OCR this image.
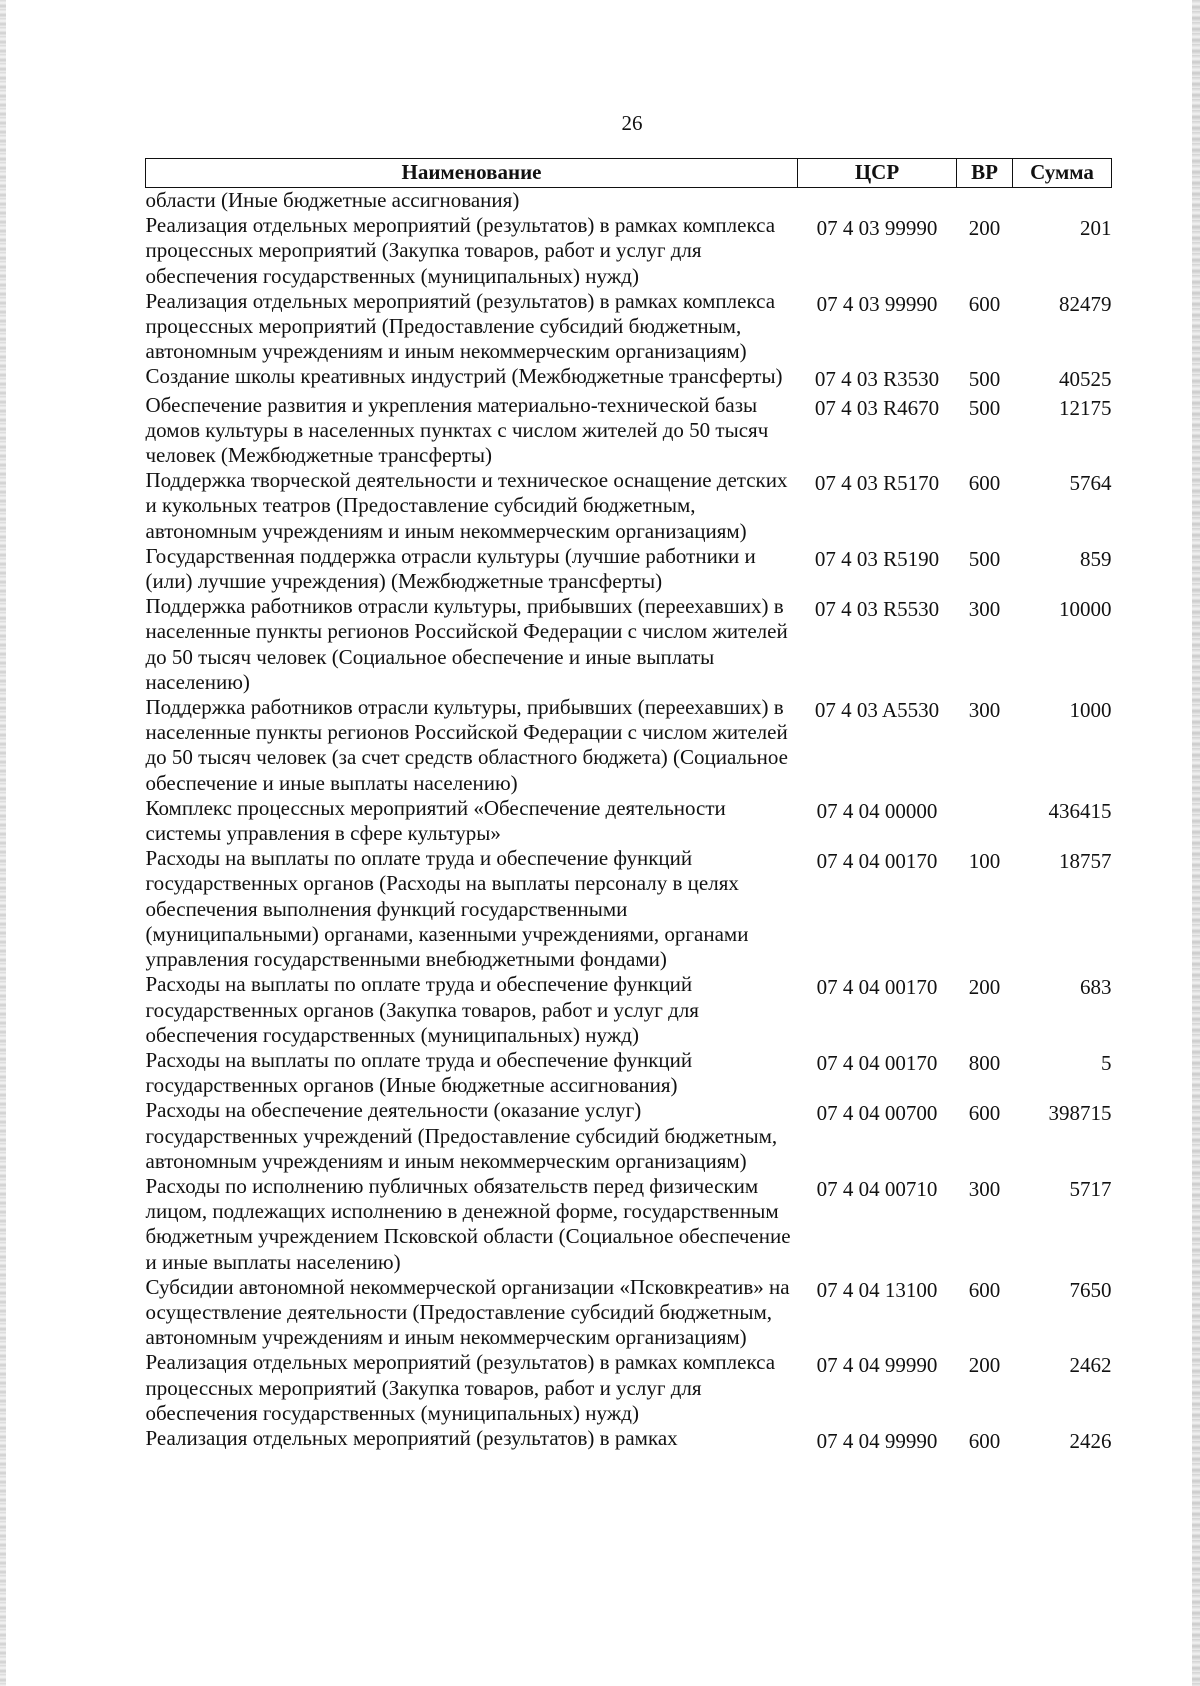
26
Наименование	ЦСР	ВР	Сумма
области (Иные бюджетные ассигнования)			
Реализация отдельных мероприятий (результатов) в рамках комплекса процессных мероприятий (Закупка товаров, работ и услуг для обеспечения государственных (муниципальных) нужд)	07 4 03 99990	200	201
Реализация отдельных мероприятий (результатов) в рамках комплекса процессных мероприятий (Предоставление субсидий бюджетным, автономным учреждениям и иным некоммерческим организациям)	07 4 03 99990	600	82479
Создание школы креативных индустрий (Межбюджетные трансферты)	07 4 03 R3530	500	40525
Обеспечение развития и укрепления материально-технической базы домов культуры в населенных пунктах с числом жителей до 50 тысяч человек (Межбюджетные трансферты)	07 4 03 R4670	500	12175
Поддержка творческой деятельности и техническое оснащение детских и кукольных театров (Предоставление субсидий бюджетным, автономным учреждениям и иным некоммерческим организациям)	07 4 03 R5170	600	5764
Государственная поддержка отрасли культуры (лучшие работники и (или) лучшие учреждения) (Межбюджетные трансферты)	07 4 03 R5190	500	859
Поддержка работников отрасли культуры, прибывших (переехавших) в населенные пункты регионов Российской Федерации с числом жителей до 50 тысяч человек (Социальное обеспечение и иные выплаты населению)	07 4 03 R5530	300	10000
Поддержка работников отрасли культуры, прибывших (переехавших) в населенные пункты регионов Российской Федерации с числом жителей до 50 тысяч человек (за счет средств областного бюджета) (Социальное обеспечение и иные выплаты населению)	07 4 03 A5530	300	1000
Комплекс процессных мероприятий «Обеспечение деятельности системы управления в сфере культуры»	07 4 04 00000		436415
Расходы на выплаты по оплате труда и обеспечение функций государственных органов (Расходы на выплаты персоналу в целях обеспечения выполнения функций государственными (муниципальными) органами, казенными учреждениями, органами управления государственными внебюджетными фондами)	07 4 04 00170	100	18757
Расходы на выплаты по оплате труда и обеспечение функций государственных органов (Закупка товаров, работ и услуг для обеспечения государственных (муниципальных) нужд)	07 4 04 00170	200	683
Расходы на выплаты по оплате труда и обеспечение функций государственных органов (Иные бюджетные ассигнования)	07 4 04 00170	800	5
Расходы на обеспечение деятельности (оказание услуг) государственных учреждений (Предоставление субсидий бюджетным, автономным учреждениям и иным некоммерческим организациям)	07 4 04 00700	600	398715
Расходы по исполнению публичных обязательств перед физическим лицом, подлежащих исполнению в денежной форме, государственным бюджетным учреждением Псковской области (Социальное обеспечение и иные выплаты населению)	07 4 04 00710	300	5717
Субсидии автономной некоммерческой организации «Псковкреатив» на осуществление деятельности (Предоставление субсидий бюджетным, автономным учреждениям и иным некоммерческим организациям)	07 4 04 13100	600	7650
Реализация отдельных мероприятий (результатов) в рамках комплекса процессных мероприятий (Закупка товаров, работ и услуг для обеспечения государственных (муниципальных) нужд)	07 4 04 99990	200	2462
Реализация отдельных мероприятий (результатов) в рамках	07 4 04 99990	600	2426
